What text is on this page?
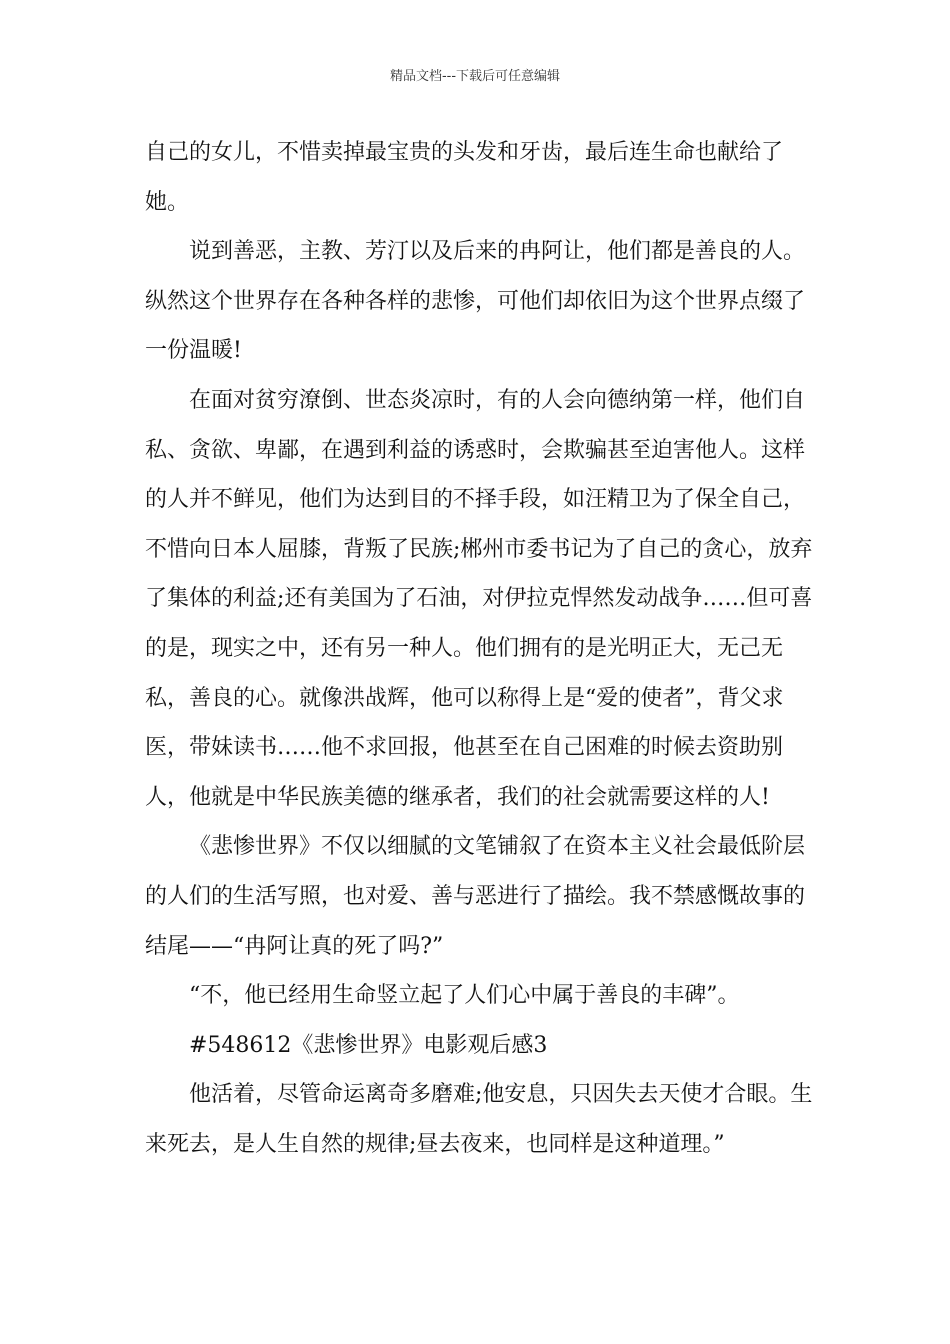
精品文档---下载后可任意编辑

自己的女儿，不惜卖掉最宝贵的头发和牙齿，最后连生命也献给了她。

说到善恶，主教、芳汀以及后来的冉阿让，他们都是善良的人。纵然这个世界存在各种各样的悲惨，可他们却依旧为这个世界点缀了一份温暖!

在面对贫穷潦倒、世态炎凉时，有的人会向德纳第一样，他们自私、贪欲、卑鄙，在遇到利益的诱惑时，会欺骗甚至迫害他人。这样的人并不鲜见，他们为达到目的不择手段，如汪精卫为了保全自己，不惜向日本人屈膝，背叛了民族;郴州市委书记为了自己的贪心，放弃了集体的利益;还有美国为了石油，对伊拉克悍然发动战争……但可喜的是，现实之中，还有另一种人。他们拥有的是光明正大，无己无私，善良的心。就像洪战辉，他可以称得上是“爱的使者”，背父求医，带妹读书……他不求回报，他甚至在自己困难的时候去资助别人，他就是中华民族美德的继承者，我们的社会就需要这样的人!

《悲惨世界》不仅以细腻的文笔铺叙了在资本主义社会最低阶层的人们的生活写照，也对爱、善与恶进行了描绘。我不禁感慨故事的结尾——“冉阿让真的死了吗?”

“不，他已经用生命竖立起了人们心中属于善良的丰碑”。

#548612《悲惨世界》电影观后感3

他活着，尽管命运离奇多磨难;他安息，只因失去天使才合眼。生来死去，是人生自然的规律;昼去夜来，也同样是这种道理。”
